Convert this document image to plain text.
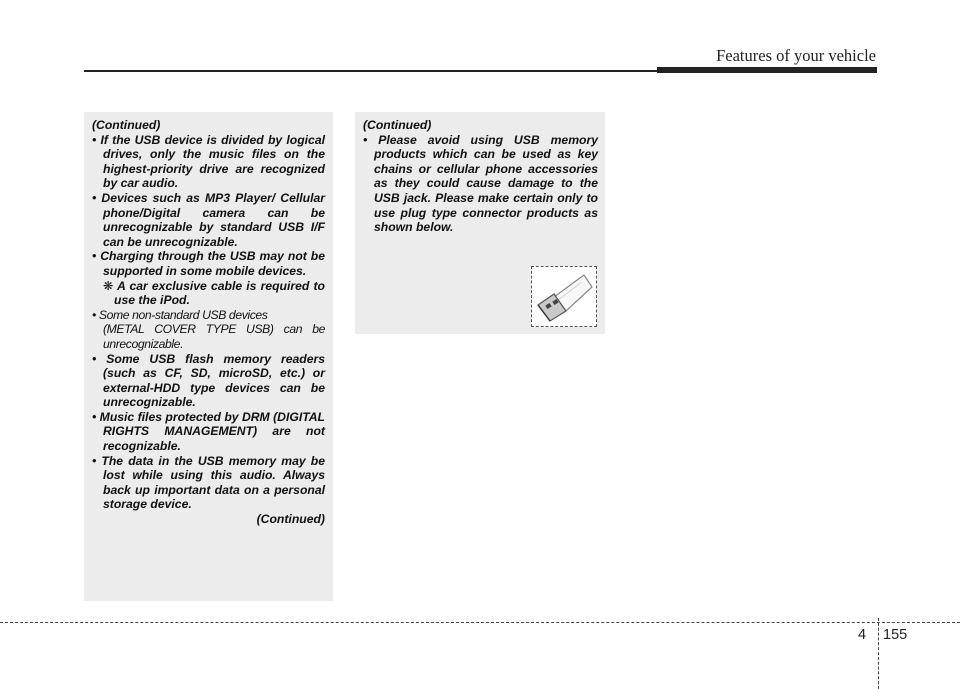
Features of your vehicle

(Continued)

• If the USB device is divided by logical drives, only the music files on the highest-priority drive are recognized by car audio.

• Devices such as MP3 Player/ Cellular phone/Digital camera can be unrecognizable by standard USB I/F can be unrecognizable.

• Charging through the USB may not be supported in some mobile devices.

❋ A car exclusive cable is required to use the iPod.

• Some non-standard USB devices
(METAL COVER TYPE USB) can be unrecognizable.

• Some USB flash memory readers (such as CF, SD, microSD, etc.) or external-HDD type devices can be unrecognizable.

• Music files protected by DRM (DIGITAL RIGHTS MANAGEMENT) are not recognizable.

• The data in the USB memory may be lost while using this audio. Always back up important data on a personal storage device.

(Continued)

(Continued)

• Please avoid using USB memory products which can be used as key chains or cellular phone accessories as they could cause damage to the USB jack. Please make certain only to use plug type connector products as shown below.

4 155
